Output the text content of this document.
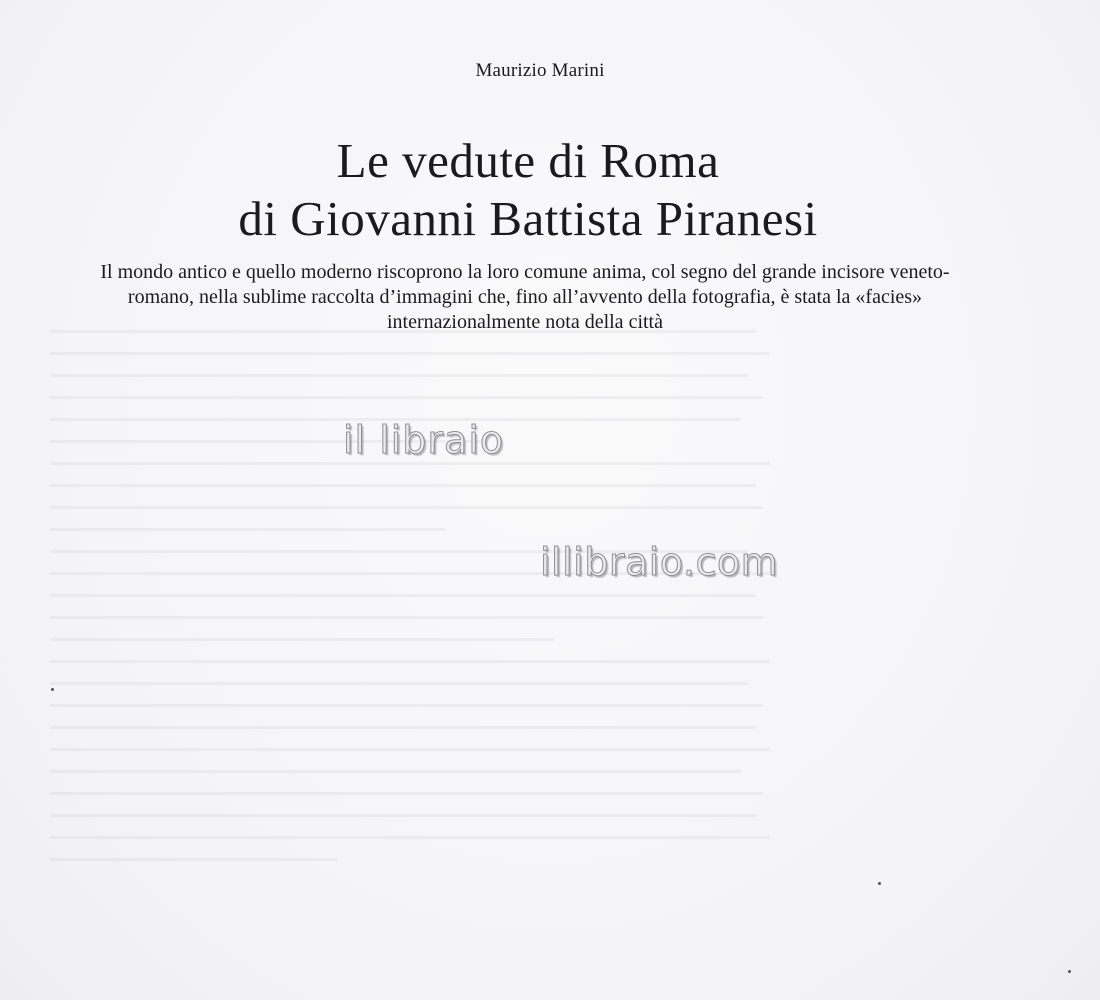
Maurizio Marini
Le vedute di Roma
di Giovanni Battista Piranesi

Il mondo antico e quello moderno riscoprono la loro comune anima, col segno del grande incisore veneto-romano, nella sublime raccolta d’immagini che, fino all’avvento della fotografia, è stata la «facies» internazionalmente nota della città

il libraio
illibraio.com
